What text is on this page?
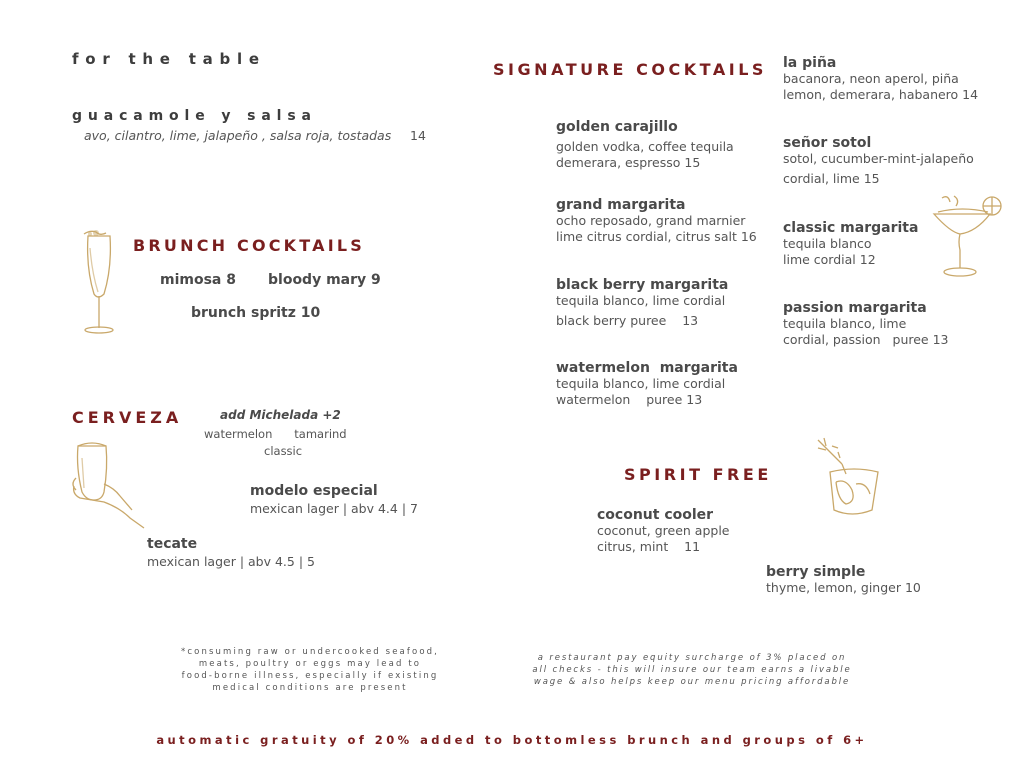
for the table
guacamole y salsa
avo, cilantro, lime, jalapeño , salsa roja, tostadas 14
BRUNCH COCKTAILS
mimosa 8 bloody mary 9
brunch spritz 10
CERVEZA	add Michelada +2
watermelon      tamarind
classic
modelo especial
mexican lager | abv 4.4 | 7
tecate
mexican lager | abv 4.5 | 5
SIGNATURE COCKTAILS
golden carajillo
golden vodka, coffee tequila
demerara, espresso 15
grand margarita
ocho reposado, grand marnier
lime citrus cordial, citrus salt 16
black berry margarita
tequila blanco, lime cordial
black berry puree    13
watermelon  margarita
tequila blanco, lime cordial
watermelon    puree 13
la piña
bacanora, neon aperol, piña
lemon, demerara, habanero 14
señor sotol
sotol, cucumber-mint-jalapeño
cordial, lime 15
classic margarita
tequila blanco
lime cordial 12
passion margarita
tequila blanco, lime
cordial, passion   puree 13
SPIRIT FREE
coconut cooler
coconut, green apple
citrus, mint    11
berry simple
thyme, lemon, ginger 10
*consuming raw or undercooked seafood,
meats, poultry or eggs may lead to
food-borne illness, especially if existing
medical conditions are present
a restaurant pay equity surcharge of 3% placed on
all checks - this will insure our team earns a livable
wage & also helps keep our menu pricing affordable
automatic gratuity of 20% added to bottomless brunch and groups of 6+
